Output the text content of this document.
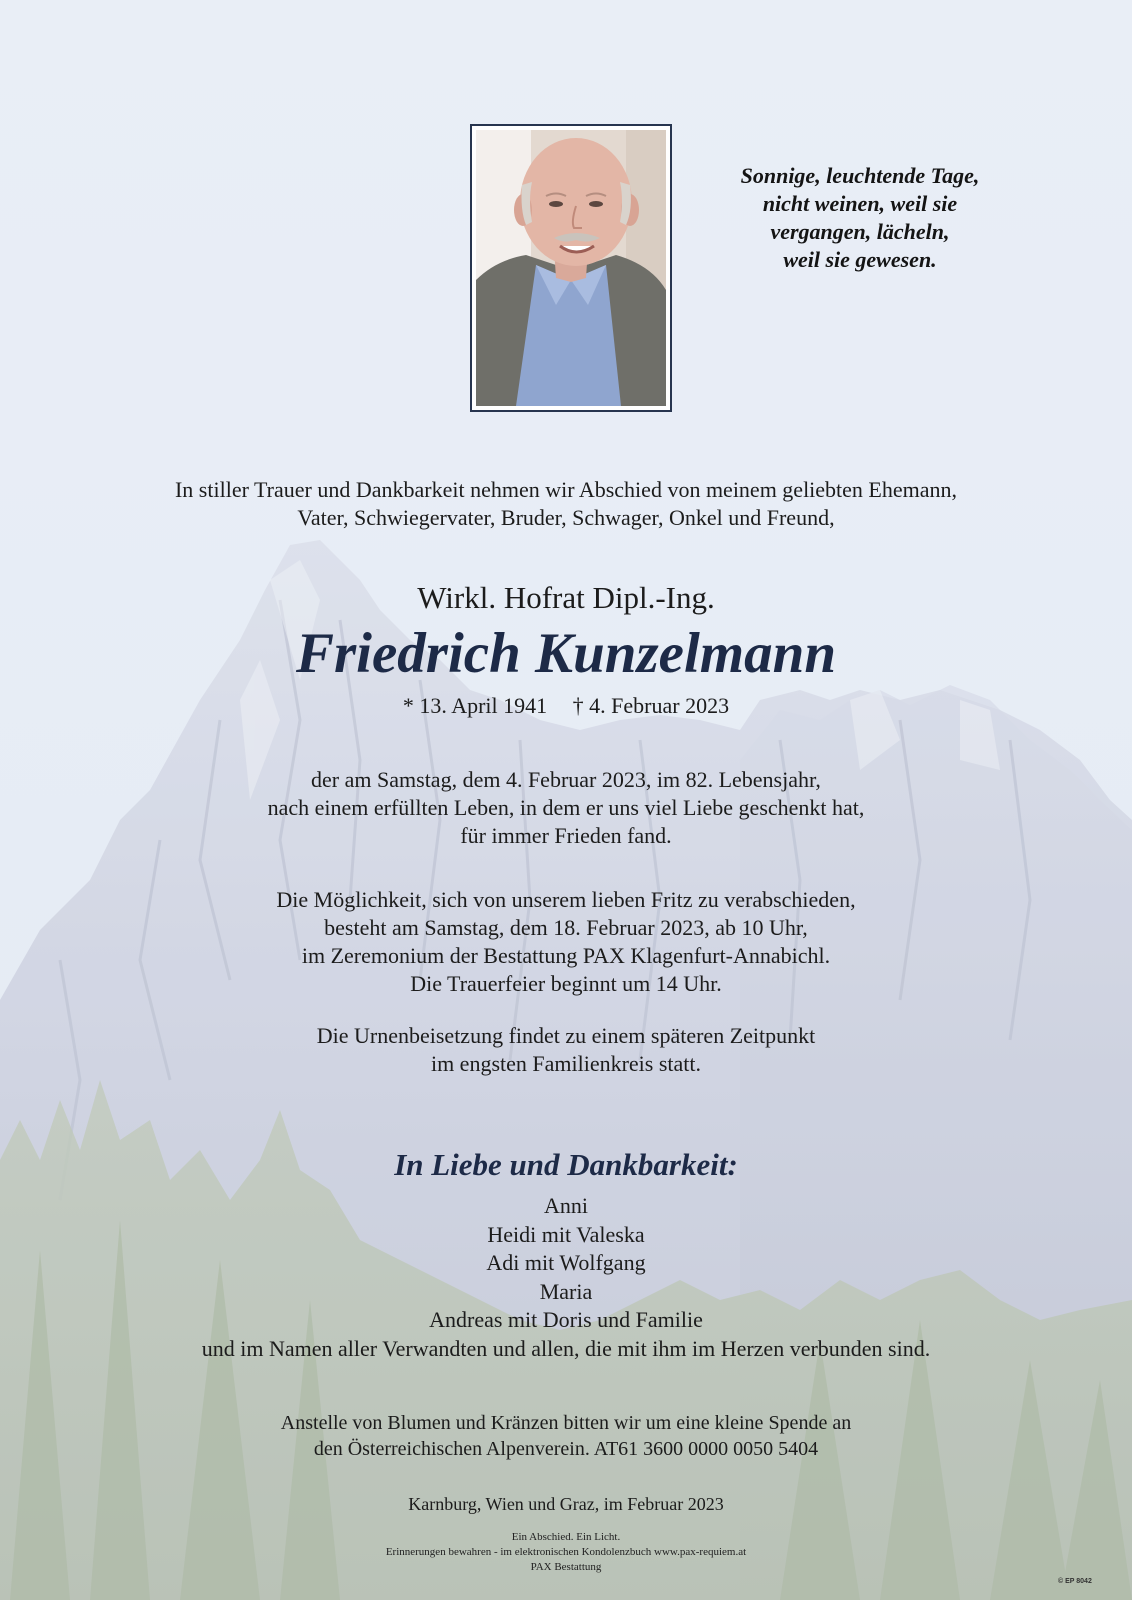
Sonnige, leuchtende Tage,
nicht weinen, weil sie
vergangen, lächeln,
weil sie gewesen.
In stiller Trauer und Dankbarkeit nehmen wir Abschied von meinem geliebten Ehemann,
Vater, Schwiegervater, Bruder, Schwager, Onkel und Freund,
Wirkl. Hofrat Dipl.-Ing.
Friedrich Kunzelmann
* 13. April 1941 † 4. Februar 2023
der am Samstag, dem 4. Februar 2023, im 82. Lebensjahr,
nach einem erfüllten Leben, in dem er uns viel Liebe geschenkt hat,
für immer Frieden fand.
Die Möglichkeit, sich von unserem lieben Fritz zu verabschieden,
besteht am Samstag, dem 18. Februar 2023, ab 10 Uhr,
im Zeremonium der Bestattung PAX Klagenfurt-Annabichl.
Die Trauerfeier beginnt um 14 Uhr.
Die Urnenbeisetzung findet zu einem späteren Zeitpunkt
im engsten Familienkreis statt.
In Liebe und Dankbarkeit:
Anni
Heidi mit Valeska
Adi mit Wolfgang
Maria
Andreas mit Doris und Familie
und im Namen aller Verwandten und allen, die mit ihm im Herzen verbunden sind.
Anstelle von Blumen und Kränzen bitten wir um eine kleine Spende an
den Österreichischen Alpenverein. AT61 3600 0000 0050 5404
Karnburg, Wien und Graz, im Februar 2023
Ein Abschied. Ein Licht.
Erinnerungen bewahren - im elektronischen Kondolenzbuch www.pax-requiem.at
PAX Bestattung
© EP 8042
